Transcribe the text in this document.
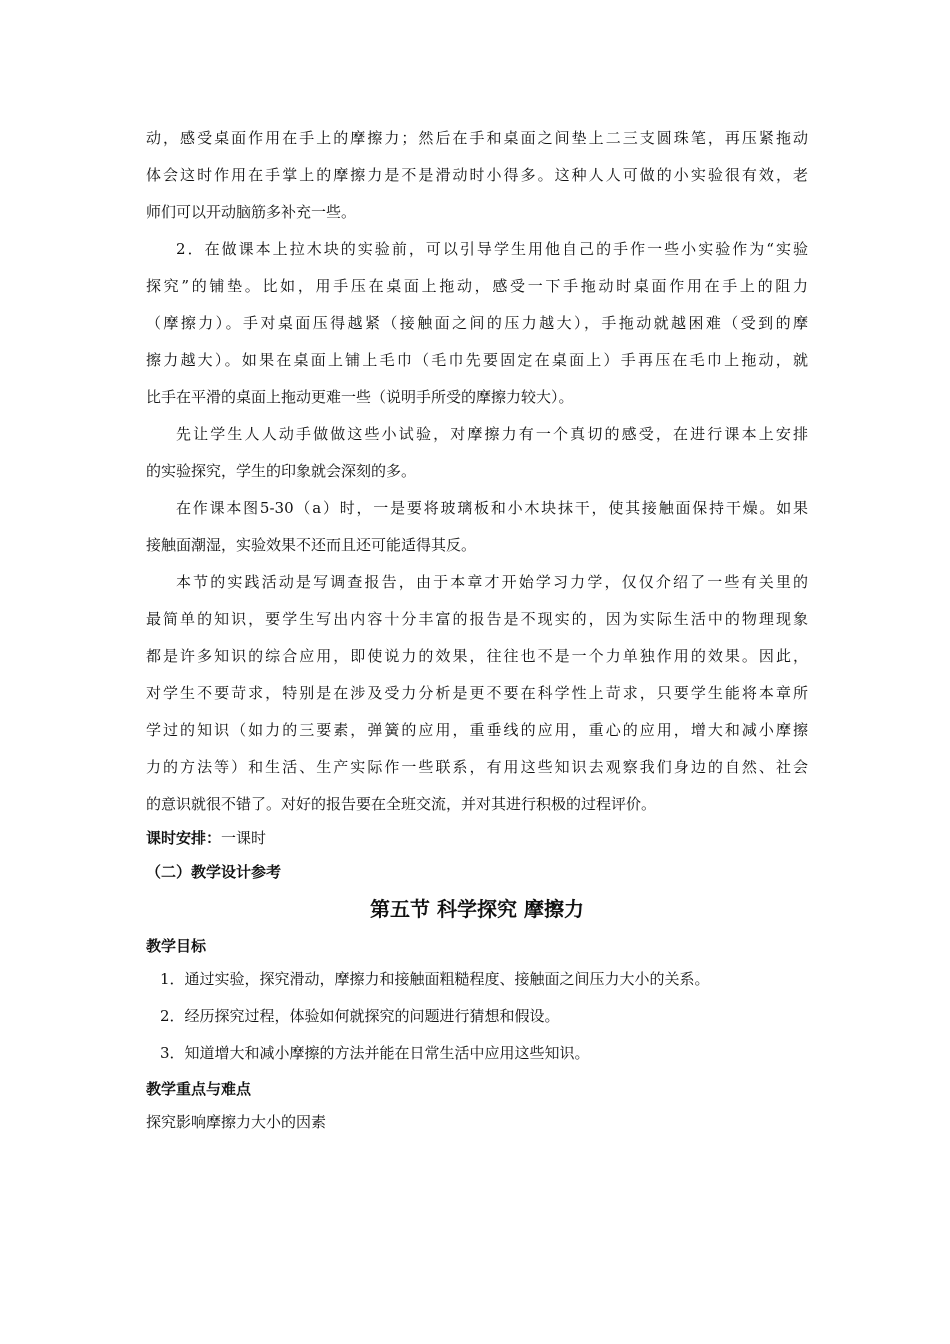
动，感受桌面作用在手上的摩擦力；然后在手和桌面之间垫上二三支圆珠笔，再压紧拖动
体会这时作用在手掌上的摩擦力是不是滑动时小得多。这种人人可做的小实验很有效，老
师们可以开动脑筋多补充一些。
2．在做课本上拉木块的实验前，可以引导学生用他自己的手作一些小实验作为“实验
探究”的铺垫。比如，用手压在桌面上拖动，感受一下手拖动时桌面作用在手上的阻力
（摩擦力）。手对桌面压得越紧（接触面之间的压力越大），手拖动就越困难（受到的摩
擦力越大）。如果在桌面上铺上毛巾（毛巾先要固定在桌面上）手再压在毛巾上拖动，就
比手在平滑的桌面上拖动更难一些（说明手所受的摩擦力较大）。
先让学生人人动手做做这些小试验，对摩擦力有一个真切的感受，在进行课本上安排
的实验探究，学生的印象就会深刻的多。
在作课本图5-30（a）时，一是要将玻璃板和小木块抹干，使其接触面保持干燥。如果
接触面潮湿，实验效果不还而且还可能适得其反。
本节的实践活动是写调查报告，由于本章才开始学习力学，仅仅介绍了一些有关里的
最简单的知识，要学生写出内容十分丰富的报告是不现实的，因为实际生活中的物理现象
都是许多知识的综合应用，即使说力的效果，往往也不是一个力单独作用的效果。因此，
对学生不要苛求，特别是在涉及受力分析是更不要在科学性上苛求，只要学生能将本章所
学过的知识（如力的三要素，弹簧的应用，重垂线的应用，重心的应用，增大和减小摩擦
力的方法等）和生活、生产实际作一些联系，有用这些知识去观察我们身边的自然、社会
的意识就很不错了。对好的报告要在全班交流，并对其进行积极的过程评价。
课时安排：一课时
（二）教学设计参考
第五节 科学探究 摩擦力
教学目标
1．通过实验，探究滑动，摩擦力和接触面粗糙程度、接触面之间压力大小的关系。
2．经历探究过程，体验如何就探究的问题进行猜想和假设。
3．知道增大和减小摩擦的方法并能在日常生活中应用这些知识。
教学重点与难点
探究影响摩擦力大小的因素
